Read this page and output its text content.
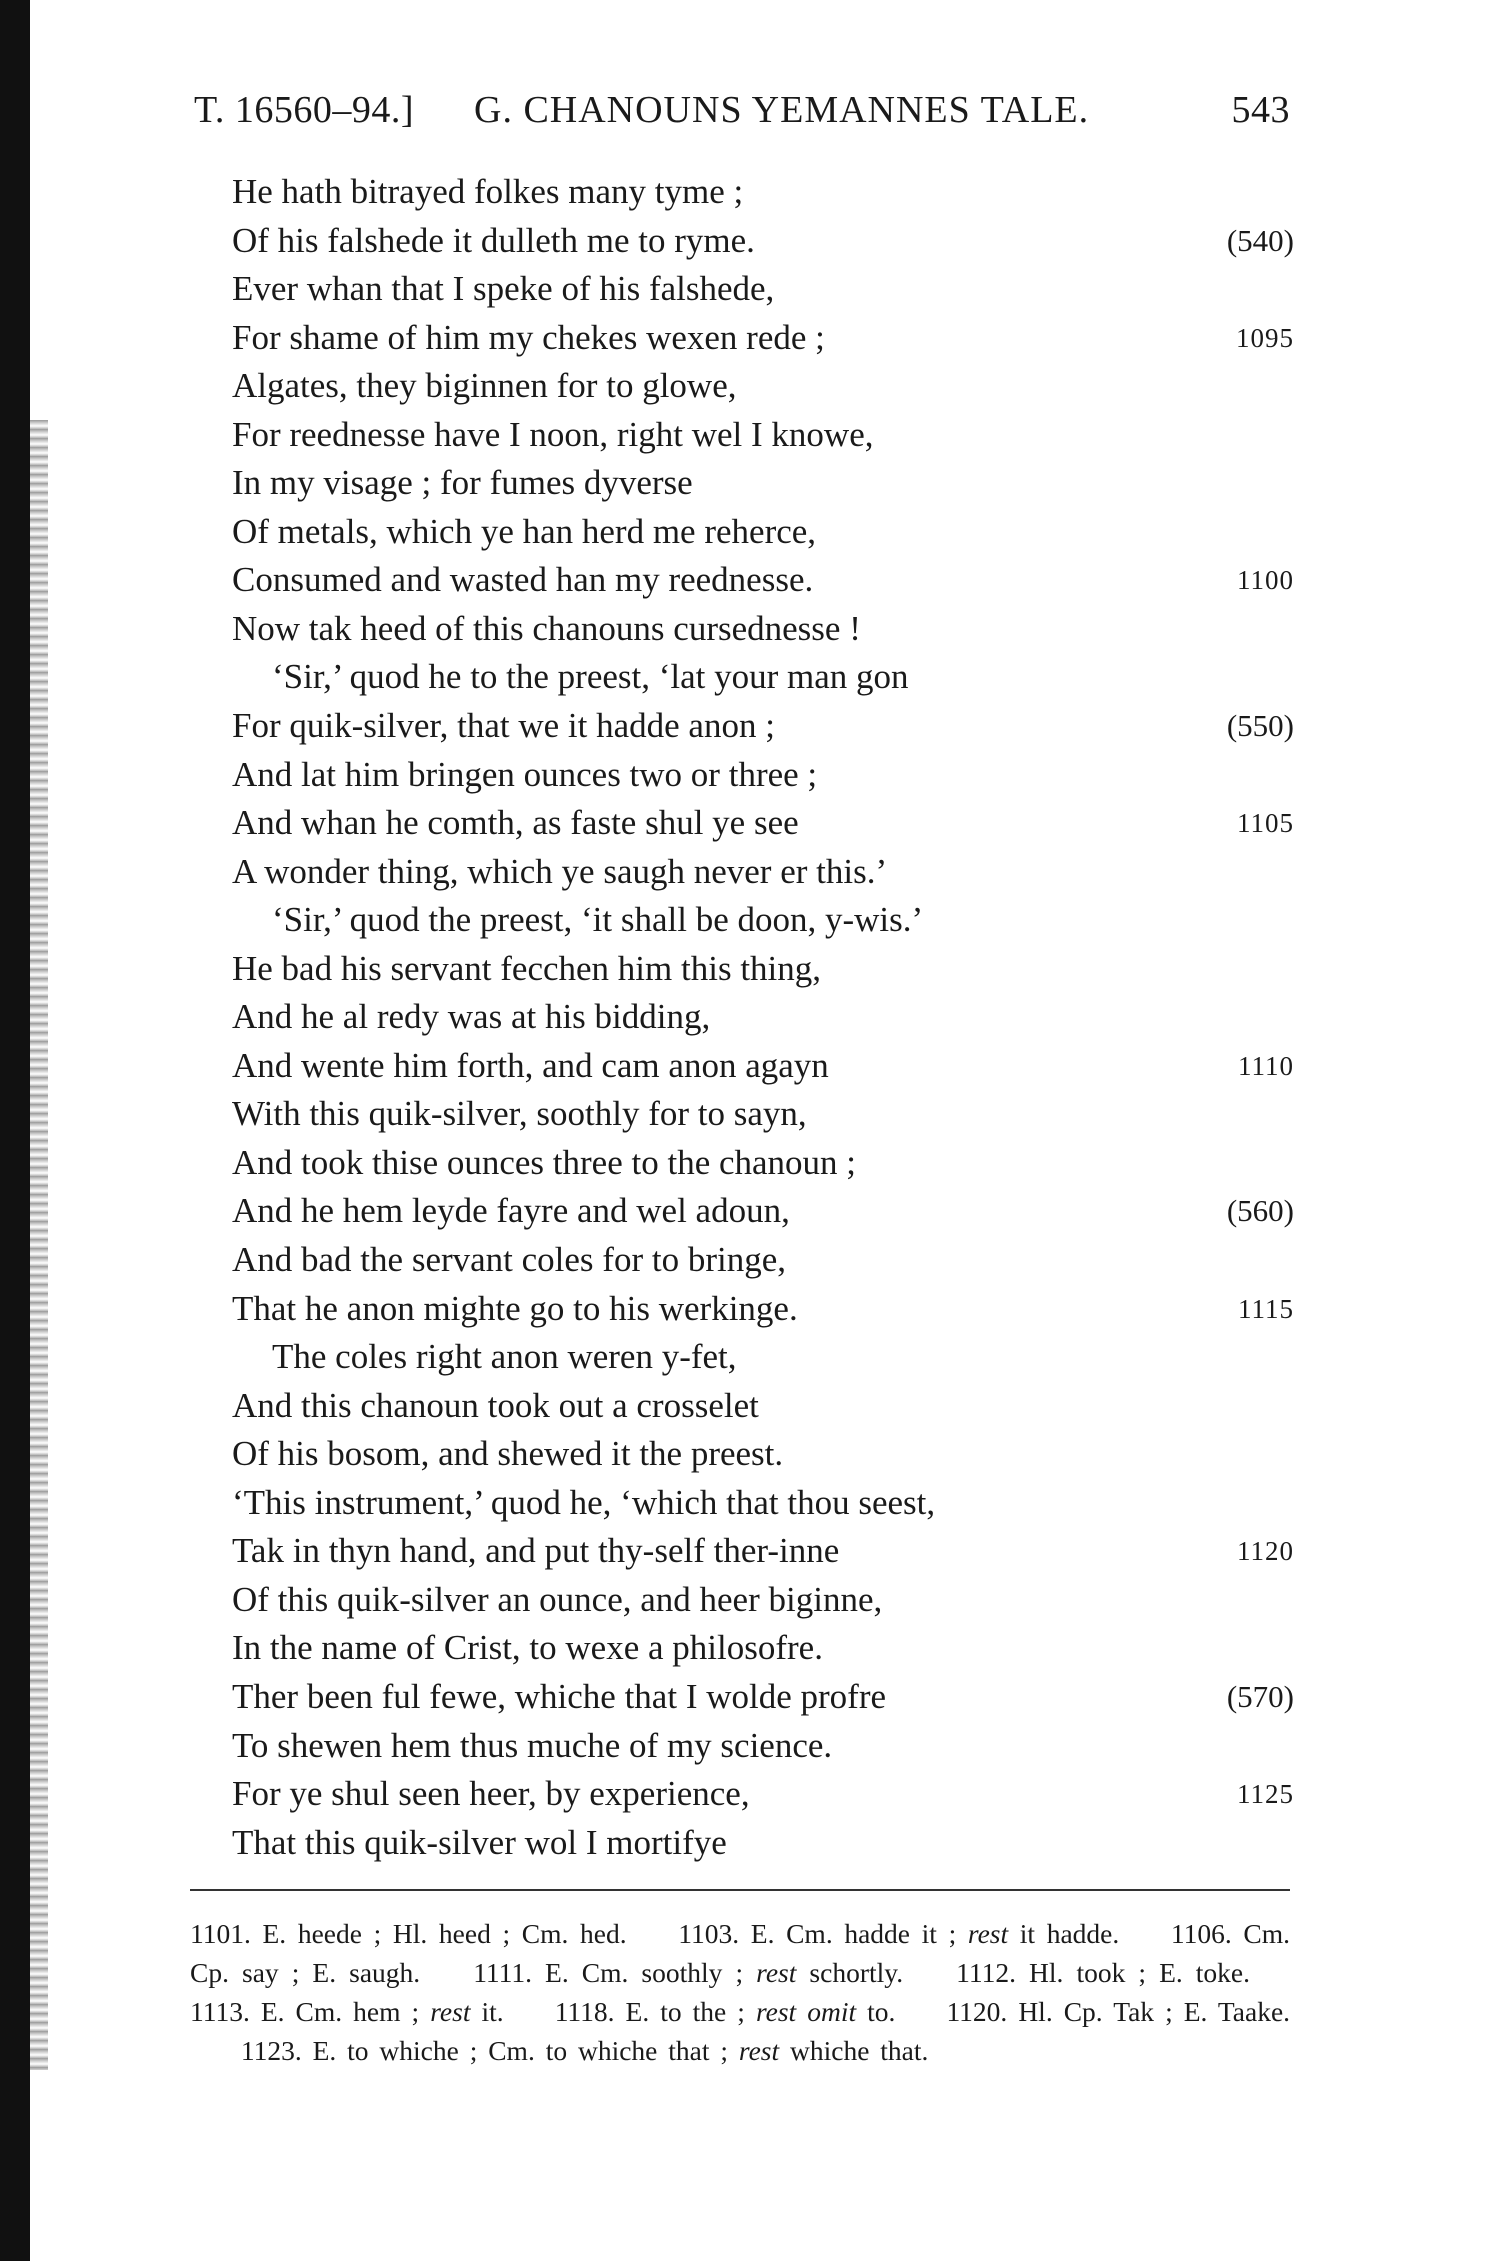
T. 16560–94.] G. CHANOUNS YEMANNES TALE.	543
He hath bitrayed folkes many tyme ;
Of his falshede it dulleth me to ryme.	(540)
Ever whan that I speke of his falshede,
For shame of him my chekes wexen rede ;	1095
Algates, they biginnen for to glowe,
For reednesse have I noon, right wel I knowe,
In my visage ; for fumes dyverse
Of metals, which ye han herd me reherce,
Consumed and wasted han my reednesse.	1100
Now tak heed of this chanouns cursednesse !
‘Sir,’ quod he to the preest, ‘lat your man gon
For quik-silver, that we it hadde anon ;	(550)
And lat him bringen ounces two or three ;
And whan he comth, as faste shul ye see	1105
A wonder thing, which ye saugh never er this.’
‘Sir,’ quod the preest, ‘it shall be doon, y-wis.’
He bad his servant fecchen him this thing,
And he al redy was at his bidding,
And wente him forth, and cam anon agayn	1110
With this quik-silver, soothly for to sayn,
And took thise ounces three to the chanoun ;
And he hem leyde fayre and wel adoun,	(560)
And bad the servant coles for to bringe,
That he anon mighte go to his werkinge.	1115
The coles right anon weren y-fet,
And this chanoun took out a crosselet
Of his bosom, and shewed it the preest.
‘This instrument,’ quod he, ‘which that thou seest,
Tak in thyn hand, and put thy-self ther-inne	1120
Of this quik-silver an ounce, and heer biginne,
In the name of Crist, to wexe a philosofre.
Ther been ful fewe, whiche that I wolde profre	(570)
To shewen hem thus muche of my science.
For ye shul seen heer, by experience,	1125
That this quik-silver wol I mortifye
1101. E. heede ; Hl. heed ; Cm. hed. 1103. E. Cm. hadde it ; rest it hadde. 1106. Cm. Cp. say ; E. saugh. 1111. E. Cm. soothly ; rest schortly. 1112. Hl. took ; E. toke. 1113. E. Cm. hem ; rest it. 1118. E. to the ; rest omit to. 1120. Hl. Cp. Tak ; E. Taake. 1123. E. to whiche ; Cm. to whiche that ; rest whiche that.
